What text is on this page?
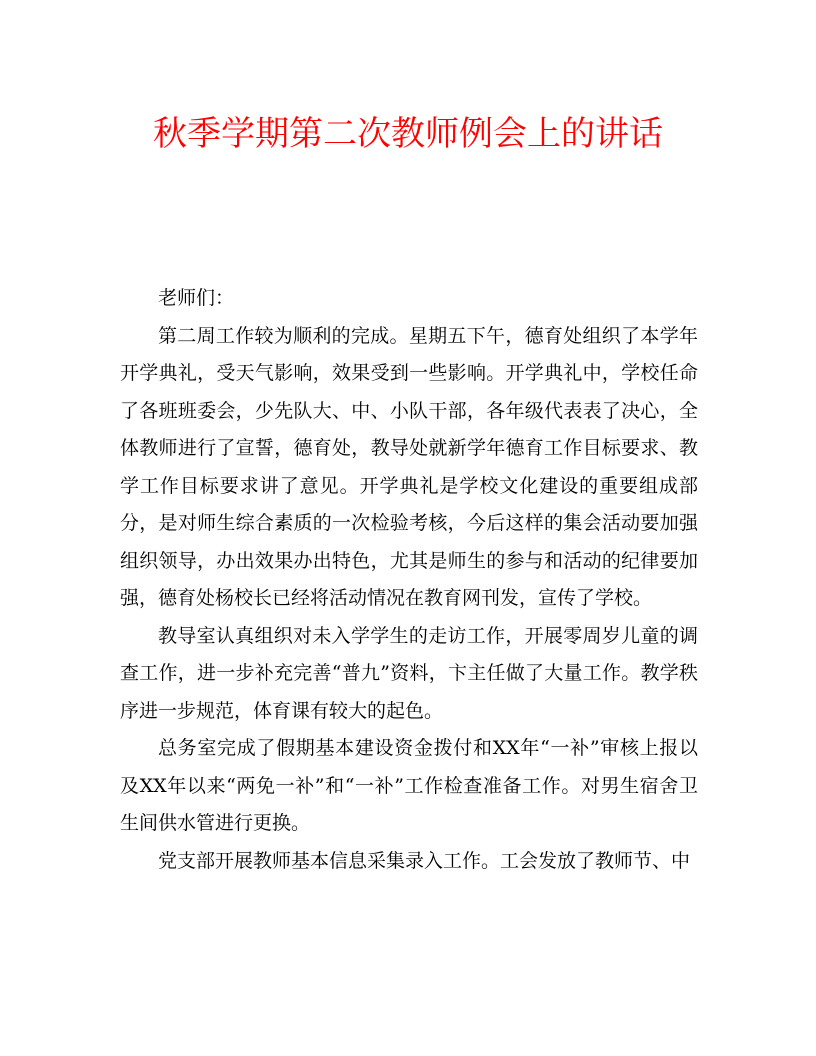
秋季学期第二次教师例会上的讲话

老师们：

第二周工作较为顺利的完成。星期五下午，德育处组织了本学年开学典礼，受天气影响，效果受到一些影响。开学典礼中，学校任命了各班班委会，少先队大、中、小队干部，各年级代表表了决心，全体教师进行了宣誓，德育处，教导处就新学年德育工作目标要求、教学工作目标要求讲了意见。开学典礼是学校文化建设的重要组成部分，是对师生综合素质的一次检验考核，今后这样的集会活动要加强组织领导，办出效果办出特色，尤其是师生的参与和活动的纪律要加强，德育处杨校长已经将活动情况在教育网刊发，宣传了学校。

教导室认真组织对未入学学生的走访工作，开展零周岁儿童的调查工作，进一步补充完善“普九”资料，卞主任做了大量工作。教学秩序进一步规范，体育课有较大的起色。

总务室完成了假期基本建设资金拨付和XX年“一补”审核上报以及XX年以来“两免一补”和“一补”工作检查准备工作。对男生宿舍卫生间供水管进行更换。

党支部开展教师基本信息采集录入工作。工会发放了教师节、中
